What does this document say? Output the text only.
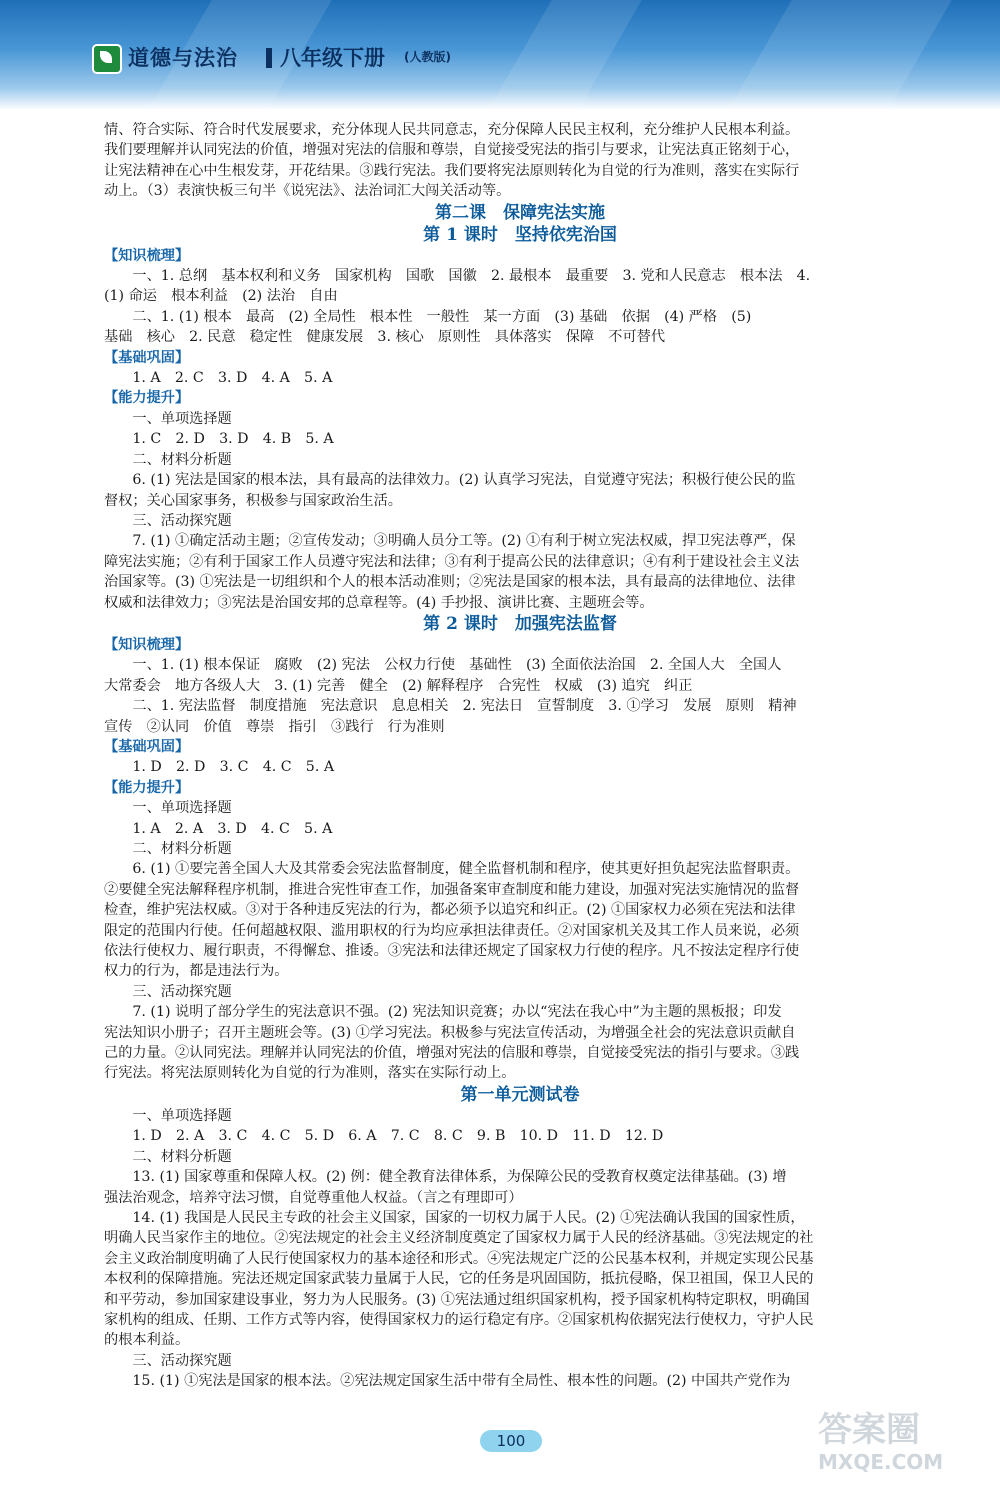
道德与法治 八年级下册 (人教版)
情、符合实际、符合时代发展要求，充分体现人民共同意志，充分保障人民民主权利，充分维护人民根本利益。
我们要理解并认同宪法的价值，增强对宪法的信服和尊崇，自觉接受宪法的指引与要求，让宪法真正铭刻于心，
让宪法精神在心中生根发芽，开花结果。③践行宪法。我们要将宪法原则转化为自觉的行为准则，落实在实际行
动上。（3）表演快板三句半《说宪法》、法治词汇大闯关活动等。
第二课　保障宪法实施
第 1 课时　坚持依宪治国
【知识梳理】
一、1. 总纲　基本权利和义务　国家机构　国歌　国徽　2. 最根本　最重要　3. 党和人民意志　根本法　4.
(1) 命运　根本利益　(2) 法治　自由
二、1. (1) 根本　最高　(2) 全局性　根本性　一般性　某一方面　(3) 基础　依据　(4) 严格　(5)
基础　核心　2. 民意　稳定性　健康发展　3. 核心　原则性　具体落实　保障　不可替代
【基础巩固】
1. A　2. C　3. D　4. A　5. A
【能力提升】
一、单项选择题
1. C　2. D　3. D　4. B　5. A
二、材料分析题
6. (1) 宪法是国家的根本法，具有最高的法律效力。(2) 认真学习宪法，自觉遵守宪法；积极行使公民的监
督权；关心国家事务，积极参与国家政治生活。
三、活动探究题
7. (1) ①确定活动主题；②宣传发动；③明确人员分工等。(2) ①有利于树立宪法权威，捍卫宪法尊严，保
障宪法实施；②有利于国家工作人员遵守宪法和法律；③有利于提高公民的法律意识；④有利于建设社会主义法
治国家等。(3) ①宪法是一切组织和个人的根本活动准则；②宪法是国家的根本法，具有最高的法律地位、法律
权威和法律效力；③宪法是治国安邦的总章程等。(4) 手抄报、演讲比赛、主题班会等。
第 2 课时　加强宪法监督
【知识梳理】
一、1. (1) 根本保证　腐败　(2) 宪法　公权力行使　基础性　(3) 全面依法治国　2. 全国人大　全国人
大常委会　地方各级人大　3. (1) 完善　健全　(2) 解释程序　合宪性　权威　(3) 追究　纠正
二、1. 宪法监督　制度措施　宪法意识　息息相关　2. 宪法日　宣誓制度　3. ①学习　发展　原则　精神
宣传　②认同　价值　尊崇　指引　③践行　行为准则
【基础巩固】
1. D　2. D　3. C　4. C　5. A
【能力提升】
一、单项选择题
1. A　2. A　3. D　4. C　5. A
二、材料分析题
6. (1) ①要完善全国人大及其常委会宪法监督制度，健全监督机制和程序，使其更好担负起宪法监督职责。
②要健全宪法解释程序机制，推进合宪性审查工作，加强备案审查制度和能力建设，加强对宪法实施情况的监督
检查，维护宪法权威。③对于各种违反宪法的行为，都必须予以追究和纠正。(2) ①国家权力必须在宪法和法律
限定的范围内行使。任何超越权限、滥用职权的行为均应承担法律责任。②对国家机关及其工作人员来说，必须
依法行使权力、履行职责，不得懈怠、推诿。③宪法和法律还规定了国家权力行使的程序。凡不按法定程序行使
权力的行为，都是违法行为。
三、活动探究题
7. (1) 说明了部分学生的宪法意识不强。(2) 宪法知识竞赛；办以“宪法在我心中”为主题的黑板报；印发
宪法知识小册子；召开主题班会等。(3) ①学习宪法。积极参与宪法宣传活动，为增强全社会的宪法意识贡献自
己的力量。②认同宪法。理解并认同宪法的价值，增强对宪法的信服和尊崇，自觉接受宪法的指引与要求。③践
行宪法。将宪法原则转化为自觉的行为准则，落实在实际行动上。
第一单元测试卷
一、单项选择题
1. D　2. A　3. C　4. C　5. D　6. A　7. C　8. C　9. B　10. D　11. D　12. D
二、材料分析题
13. (1) 国家尊重和保障人权。(2) 例：健全教育法律体系，为保障公民的受教育权奠定法律基础。(3) 增
强法治观念，培养守法习惯，自觉尊重他人权益。（言之有理即可）
14. (1) 我国是人民民主专政的社会主义国家，国家的一切权力属于人民。(2) ①宪法确认我国的国家性质，
明确人民当家作主的地位。②宪法规定的社会主义经济制度奠定了国家权力属于人民的经济基础。③宪法规定的社
会主义政治制度明确了人民行使国家权力的基本途径和形式。④宪法规定广泛的公民基本权利，并规定实现公民基
本权利的保障措施。宪法还规定国家武装力量属于人民，它的任务是巩固国防，抵抗侵略，保卫祖国，保卫人民的
和平劳动，参加国家建设事业，努力为人民服务。(3) ①宪法通过组织国家机构，授予国家机构特定职权，明确国
家机构的组成、任期、工作方式等内容，使得国家权力的运行稳定有序。②国家机构依据宪法行使权力，守护人民
的根本利益。
三、活动探究题
15. (1) ①宪法是国家的根本法。②宪法规定国家生活中带有全局性、根本性的问题。(2) 中国共产党作为
100	答案圈
MXQE.COM
